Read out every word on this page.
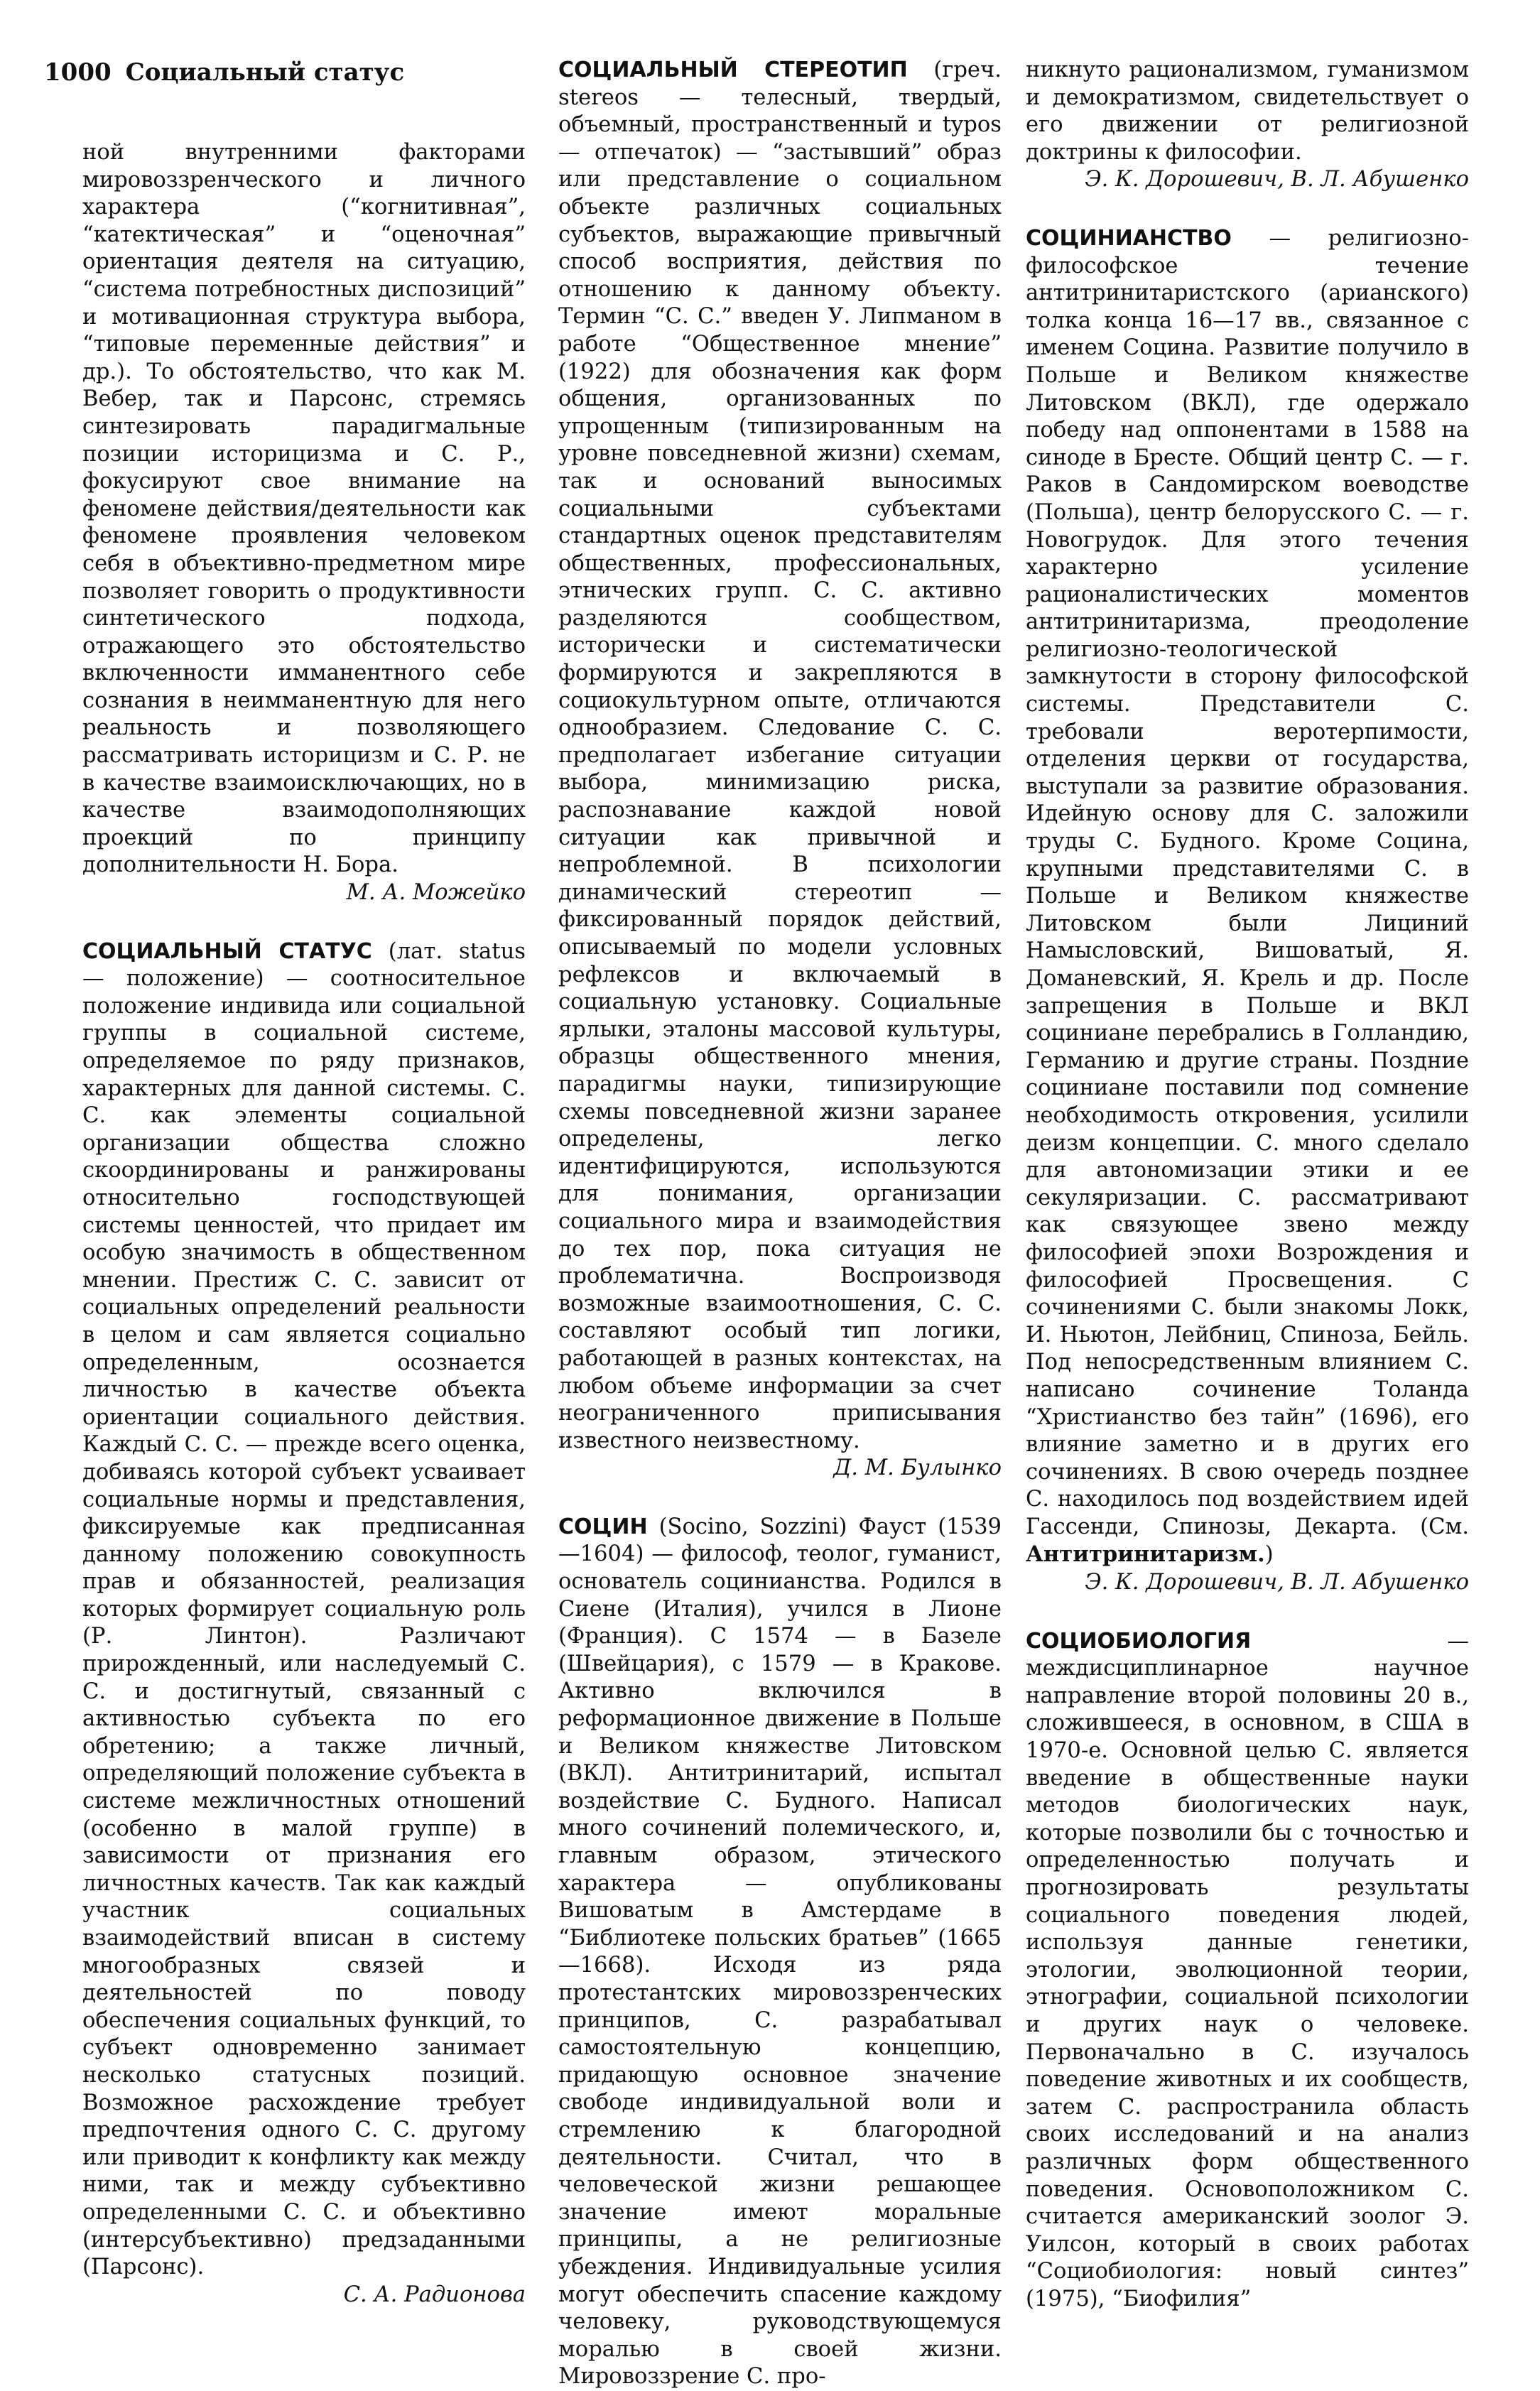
1000 Социальный статус

ной внутренними факторами мировоззренческого и личного характера (“когнитивная”, “катектическая” и “оценочная” ориентация деятеля на ситуацию, “система потребностных диспозиций” и мотивационная структура выбора, “типовые переменные действия” и др.). То обстоятельство, что как М. Вебер, так и Парсонс, стремясь синтезировать парадигмальные позиции историцизма и С. Р., фокусируют свое внимание на феномене действия/деятельности как феномене проявления человеком себя в объективно-предметном мире позволяет говорить о продуктивности синтетического подхода, отражающего это обстоятельство включенности имманентного себе сознания в неимманентную для него реальность и позволяющего рассматривать историцизм и С. Р. не в качестве взаимоисключающих, но в качестве взаимодополняющих проекций по принципу дополнительности Н. Бора.

М. А. Можейко

СОЦИАЛЬНЫЙ СТАТУС (лат. status — положение) — соотносительное положение индивида или социальной группы в социальной системе, определяемое по ряду признаков, характерных для данной системы. С. С. как элементы социальной организации общества сложно скоординированы и ранжированы относительно господствующей системы ценностей, что придает им особую значимость в общественном мнении. Престиж С. С. зависит от социальных определений реальности в целом и сам является социально определенным, осознается личностью в качестве объекта ориентации социального действия. Каждый С. С. — прежде всего оценка, добиваясь которой субъект усваивает социальные нормы и представления, фиксируемые как предписанная данному положению совокупность прав и обязанностей, реализация которых формирует социальную роль (Р. Линтон). Различают прирожденный, или наследуемый С. С. и достигнутый, связанный с активностью субъекта по его обретению; а также личный, определяющий положение субъекта в системе межличностных отношений (особенно в малой группе) в зависимости от признания его личностных качеств. Так как каждый участник социальных взаимодействий вписан в систему многообразных связей и деятельностей по поводу обеспечения социальных функций, то субъект одновременно занимает несколько статусных позиций. Возможное расхождение требует предпочтения одного С. С. другому или приводит к конфликту как между ними, так и между субъективно определенными С. С. и объективно (интерсубъективно) предзаданными (Парсонс).

С. А. Радионова

СОЦИАЛЬНЫЙ СТЕРЕОТИП (греч. stereos — телесный, твердый, объемный, пространственный и typos — отпечаток) — “застывший” образ или представление о социальном объекте различных социальных субъектов, выражающие привычный способ восприятия, действия по отношению к данному объекту. Термин “С. С.” введен У. Липманом в работе “Общественное мнение” (1922) для обозначения как форм общения, организованных по упрощенным (типизированным на уровне повседневной жизни) схемам, так и оснований выносимых социальными субъектами стандартных оценок представителям общественных, профессиональных, этнических групп. С. С. активно разделяются сообществом, исторически и систематически формируются и закрепляются в социокультурном опыте, отличаются однообразием. Следование С. С. предполагает избегание ситуации выбора, минимизацию риска, распознавание каждой новой ситуации как привычной и непроблемной. В психологии динамический стереотип — фиксированный порядок действий, описываемый по модели условных рефлексов и включаемый в социальную установку. Социальные ярлыки, эталоны массовой культуры, образцы общественного мнения, парадигмы науки, типизирующие схемы повседневной жизни заранее определены, легко идентифицируются, используются для понимания, организации социального мира и взаимодействия до тех пор, пока ситуация не проблематична. Воспроизводя возможные взаимоотношения, С. С. составляют особый тип логики, работающей в разных контекстах, на любом объеме информации за счет неограниченного приписывания известного неизвестному.

Д. М. Булынко

СОЦИН (Socino, Sozzini) Фауст (1539—1604) — философ, теолог, гуманист, основатель социнианства. Родился в Сиене (Италия), учился в Лионе (Франция). С 1574 — в Базеле (Швейцария), с 1579 — в Кракове. Активно включился в реформационное движение в Польше и Великом княжестве Литовском (ВКЛ). Антитринитарий, испытал воздействие С. Будного. Написал много сочинений полемического, и, главным образом, этического характера — опубликованы Вишоватым в Амстердаме в “Библиотеке польских братьев” (1665—1668). Исходя из ряда протестантских мировоззренческих принципов, С. разрабатывал самостоятельную концепцию, придающую основное значение свободе индивидуальной воли и стремлению к благородной деятельности. Считал, что в человеческой жизни решающее значение имеют моральные принципы, а не религиозные убеждения. Индивидуальные усилия могут обеспечить спасение каждому человеку, руководствующемуся моралью в своей жизни. Мировоззрение С. про-

никнуто рационализмом, гуманизмом и демократизмом, свидетельствует о его движении от религиозной доктрины к философии.

Э. К. Дорошевич, В. Л. Абушенко

СОЦИНИАНСТВО — религиозно-философское течение антитринитаристского (арианского) толка конца 16—17 вв., связанное с именем Социна. Развитие получило в Польше и Великом княжестве Литовском (ВКЛ), где одержало победу над оппонентами в 1588 на синоде в Бресте. Общий центр С. — г. Раков в Сандомирском воеводстве (Польша), центр белорусского С. — г. Новогрудок. Для этого течения характерно усиление рационалистических моментов антитринитаризма, преодоление религиозно-теологической замкнутости в сторону философской системы. Представители С. требовали веротерпимости, отделения церкви от государства, выступали за развитие образования. Идейную основу для С. заложили труды С. Будного. Кроме Социна, крупными представителями С. в Польше и Великом княжестве Литовском были Лициний Намысловский, Вишоватый, Я. Доманевский, Я. Крель и др. После запрещения в Польше и ВКЛ социниане перебрались в Голландию, Германию и другие страны. Поздние социниане поставили под сомнение необходимость откровения, усилили деизм концепции. С. много сделало для автономизации этики и ее секуляризации. С. рассматривают как связующее звено между философией эпохи Возрождения и философией Просвещения. С сочинениями С. были знакомы Локк, И. Ньютон, Лейбниц, Спиноза, Бейль. Под непосредственным влиянием С. написано сочинение Толанда “Христианство без тайн” (1696), его влияние заметно и в других его сочинениях. В свою очередь позднее С. находилось под воздействием идей Гассенди, Спинозы, Декарта. (См. Антитринитаризм.)

Э. К. Дорошевич, В. Л. Абушенко

СОЦИОБИОЛОГИЯ — междисциплинарное научное направление второй половины 20 в., сложившееся, в основном, в США в 1970-е. Основной целью С. является введение в общественные науки методов биологических наук, которые позволили бы с точностью и определенностью получать и прогнозировать результаты социального поведения людей, используя данные генетики, этологии, эволюционной теории, этнографии, социальной психологии и других наук о человеке. Первоначально в С. изучалось поведение животных и их сообществ, затем С. распространила область своих исследований и на анализ различных форм общественного поведения. Основоположником С. считается американский зоолог Э. Уилсон, который в своих работах “Социобиология: новый синтез” (1975), “Биофилия”
